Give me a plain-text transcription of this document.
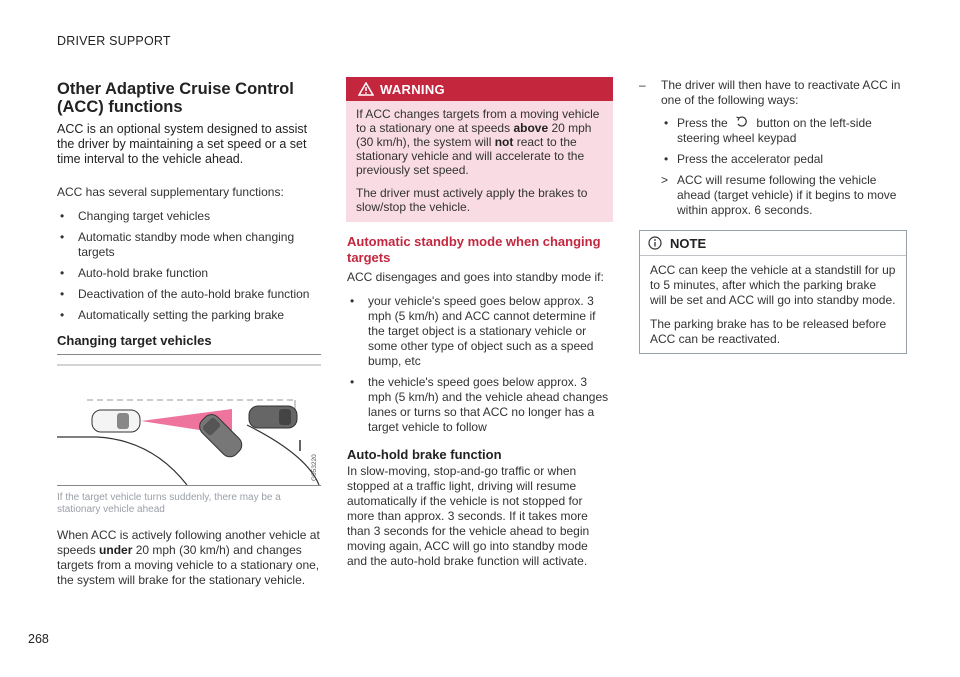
DRIVER SUPPORT
268
Other Adaptive Cruise Control (ACC) functions
ACC is an optional system designed to assist the driver by maintaining a set speed or a set time interval to the vehicle ahead.

ACC has several supplementary functions:

• Changing target vehicles
• Automatic standby mode when changing targets
• Auto-hold brake function
• Deactivation of the auto-hold brake function
• Automatically setting the parking brake
Changing target vehicles
G053220
If the target vehicle turns suddenly, there may be a stationary vehicle ahead

When ACC is actively following another vehicle at speeds under 20 mph (30 km/h) and changes targets from a moving vehicle to a stationary one, the system will brake for the stationary vehicle.

WARNING

If ACC changes targets from a moving vehicle to a stationary one at speeds above 20 mph (30 km/h), the system will not react to the stationary vehicle and will accelerate to the previously set speed.

The driver must actively apply the brakes to slow/stop the vehicle.

Automatic standby mode when changing targets

ACC disengages and goes into standby mode if:

• your vehicle's speed goes below approx. 3 mph (5 km/h) and ACC cannot determine if the target object is a stationary vehicle or some other type of object such as a speed bump, etc
• the vehicle's speed goes below approx. 3 mph (5 km/h) and the vehicle ahead changes lanes or turns so that ACC no longer has a target vehicle to follow
Auto-hold brake function

In slow-moving, stop-and-go traffic or when stopped at a traffic light, driving will resume automatically if the vehicle is not stopped for more than approx. 3 seconds. If it takes more than 3 seconds for the vehicle ahead to begin moving again, ACC will go into standby mode and the auto-hold brake function will activate.

– The driver will then have to reactivate ACC in one of the following ways:
• Press the button on the left-side steering wheel keypad
• Press the accelerator pedal
> ACC will resume following the vehicle ahead (target vehicle) if it begins to move within approx. 6 seconds.
NOTE

ACC can keep the vehicle at a standstill for up to 5 minutes, after which the parking brake will be set and ACC will go into standby mode.

The parking brake has to be released before ACC can be reactivated.
